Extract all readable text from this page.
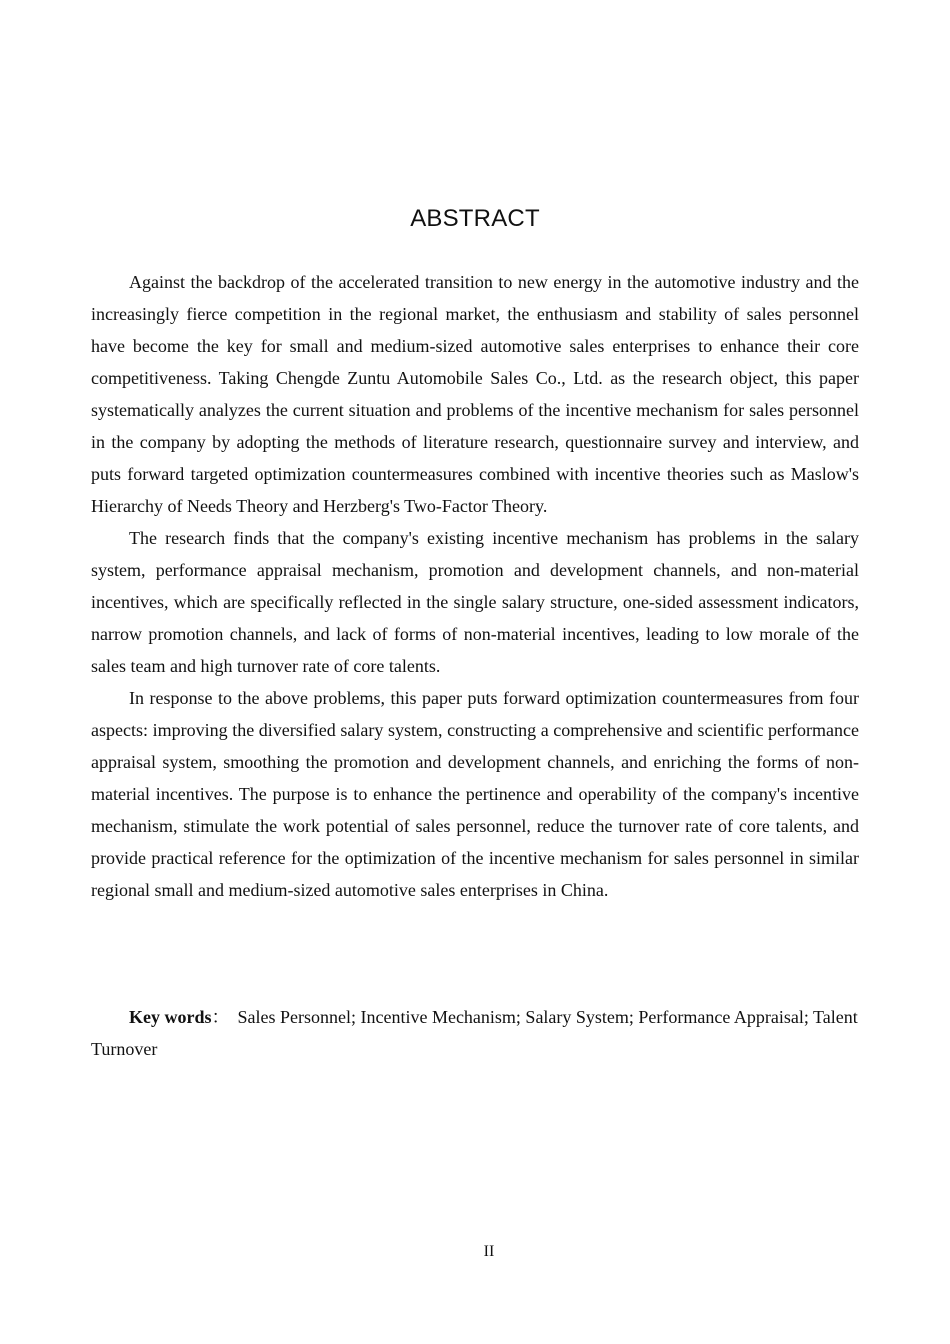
ABSTRACT

Against the backdrop of the accelerated transition to new energy in the automotive industry and the increasingly fierce competition in the regional market, the enthusiasm and stability of sales personnel have become the key for small and medium-sized automotive sales enterprises to enhance their core competitiveness. Taking Chengde Zuntu Automobile Sales Co., Ltd. as the research object, this paper systematically analyzes the current situation and problems of the incentive mechanism for sales personnel in the company by adopting the methods of literature research, questionnaire survey and interview, and puts forward targeted optimization countermeasures combined with incentive theories such as Maslow's Hierarchy of Needs Theory and Herzberg's Two-Factor Theory.

The research finds that the company's existing incentive mechanism has problems in the salary system, performance appraisal mechanism, promotion and development channels, and non-material incentives, which are specifically reflected in the single salary structure, one-sided assessment indicators, narrow promotion channels, and lack of forms of non-material incentives, leading to low morale of the sales team and high turnover rate of core talents.

In response to the above problems, this paper puts forward optimization countermeasures from four aspects: improving the diversified salary system, constructing a comprehensive and scientific performance appraisal system, smoothing the promotion and development channels, and enriching the forms of non-material incentives. The purpose is to enhance the pertinence and operability of the company's incentive mechanism, stimulate the work potential of sales personnel, reduce the turnover rate of core talents, and provide practical reference for the optimization of the incentive mechanism for sales personnel in similar regional small and medium-sized automotive sales enterprises in China.

Key words： Sales Personnel; Incentive Mechanism; Salary System; Performance Appraisal; Talent Turnover

II
